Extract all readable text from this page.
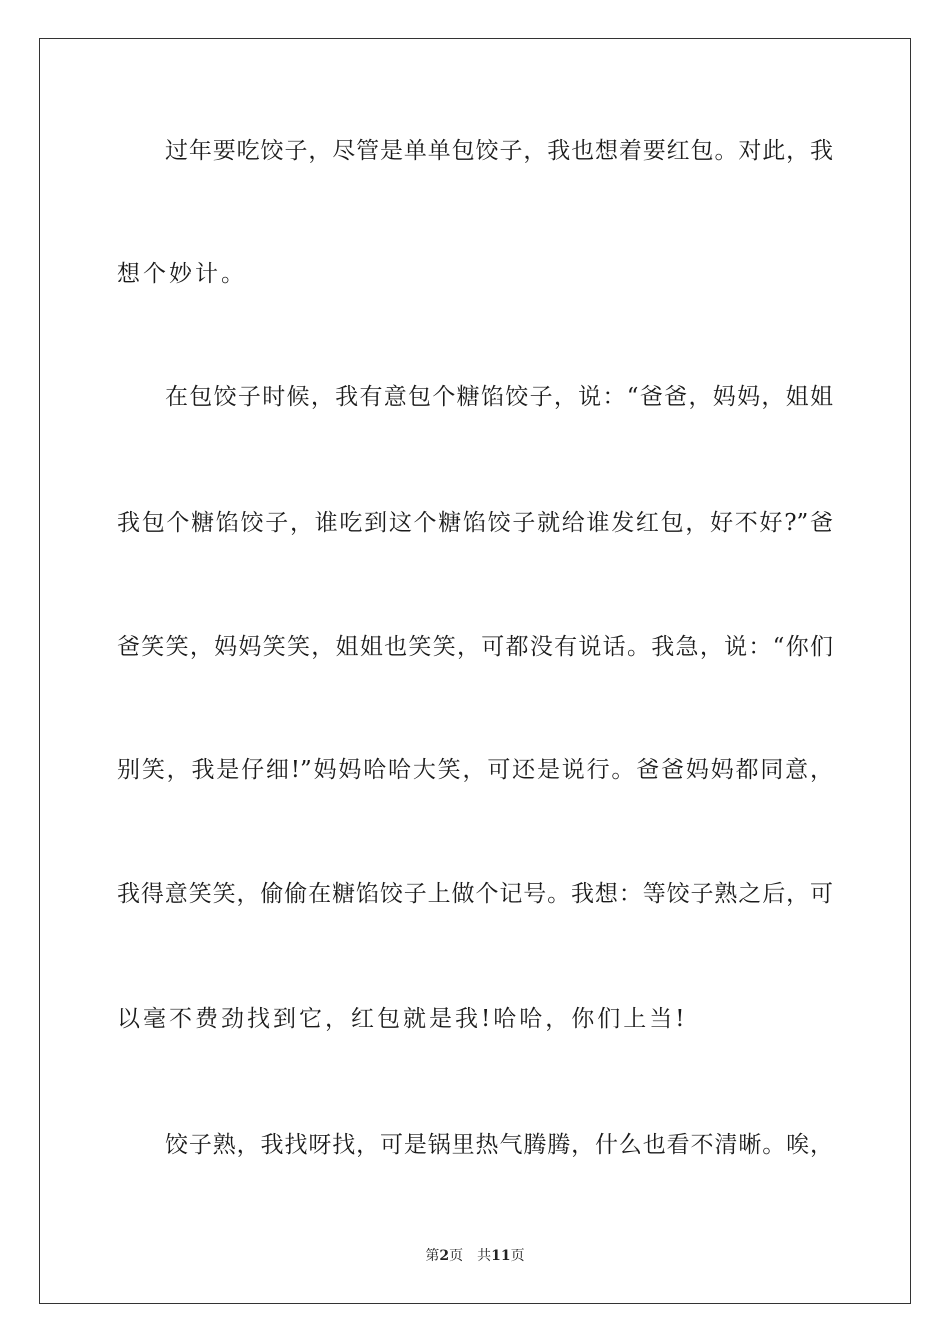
过年要吃饺子，尽管是单单包饺子，我也想着要红包。对此，我
想个妙计。
在包饺子时候，我有意包个糖馅饺子，说：“爸爸，妈妈，姐姐
我包个糖馅饺子，谁吃到这个糖馅饺子就给谁发红包，好不好?”爸
爸笑笑，妈妈笑笑，姐姐也笑笑，可都没有说话。我急，说：“你们
别笑，我是仔细!”妈妈哈哈大笑，可还是说行。爸爸妈妈都同意，
我得意笑笑，偷偷在糖馅饺子上做个记号。我想：等饺子熟之后，可
以毫不费劲找到它，红包就是我!哈哈，你们上当!
饺子熟，我找呀找，可是锅里热气腾腾，什么也看不清晰。唉，
第2页 共11页
